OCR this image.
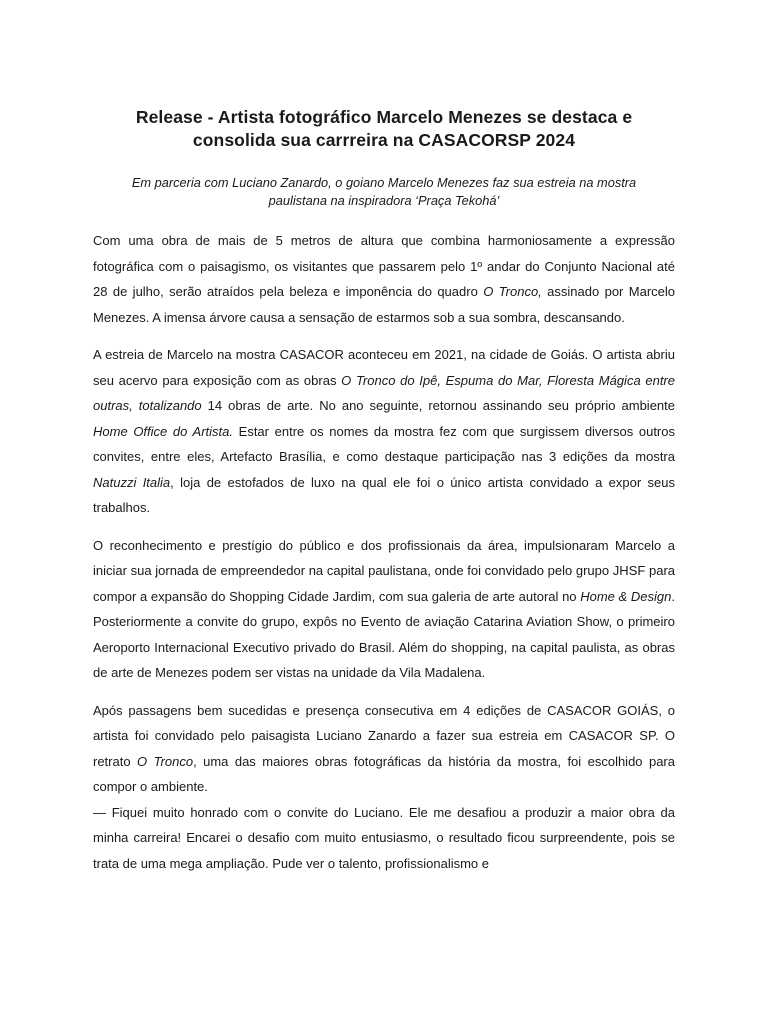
Release - Artista fotográfico Marcelo Menezes se destaca e
consolida sua carrreira na CASACORSP 2024

Em parceria com Luciano Zanardo, o goiano Marcelo Menezes faz sua estreia na mostra
paulistana na inspiradora ‘Praça Tekohá’

Com uma obra de mais de 5 metros de altura que combina harmoniosamente a expressão fotográfica com o paisagismo, os visitantes que passarem pelo 1º andar do Conjunto Nacional até 28 de julho, serão atraídos pela beleza e imponência do quadro O Tronco, assinado por Marcelo Menezes. A imensa árvore causa a sensação de estarmos sob a sua sombra, descansando.

A estreia de Marcelo na mostra CASACOR aconteceu em 2021, na cidade de Goiás. O artista abriu seu acervo para exposição com as obras O Tronco do Ipê, Espuma do Mar, Floresta Mágica entre outras, totalizando 14 obras de arte. No ano seguinte, retornou assinando seu próprio ambiente Home Office do Artista. Estar entre os nomes da mostra fez com que surgissem diversos outros convites, entre eles, Artefacto Brasília, e como destaque participação nas 3 edições da mostra Natuzzi Italia, loja de estofados de luxo na qual ele foi o único artista convidado a expor seus trabalhos.

O reconhecimento e prestígio do público e dos profissionais da área, impulsionaram Marcelo a iniciar sua jornada de empreendedor na capital paulistana, onde foi convidado pelo grupo JHSF para compor a expansão do Shopping Cidade Jardim, com sua galeria de arte autoral no Home & Design. Posteriormente a convite do grupo, expôs no Evento de aviação Catarina Aviation Show, o primeiro Aeroporto Internacional Executivo privado do Brasil. Além do shopping, na capital paulista, as obras de arte de Menezes podem ser vistas na unidade da Vila Madalena.

Após passagens bem sucedidas e presença consecutiva em 4 edições de CASACOR GOIÁS, o artista foi convidado pelo paisagista Luciano Zanardo a fazer sua estreia em CASACOR SP. O retrato O Tronco, uma das maiores obras fotográficas da história da mostra, foi escolhido para compor o ambiente.

— Fiquei muito honrado com o convite do Luciano. Ele me desafiou a produzir a maior obra da minha carreira! Encarei o desafio com muito entusiasmo, o resultado ficou surpreendente, pois se trata de uma mega ampliação. Pude ver o talento, profissionalismo e
